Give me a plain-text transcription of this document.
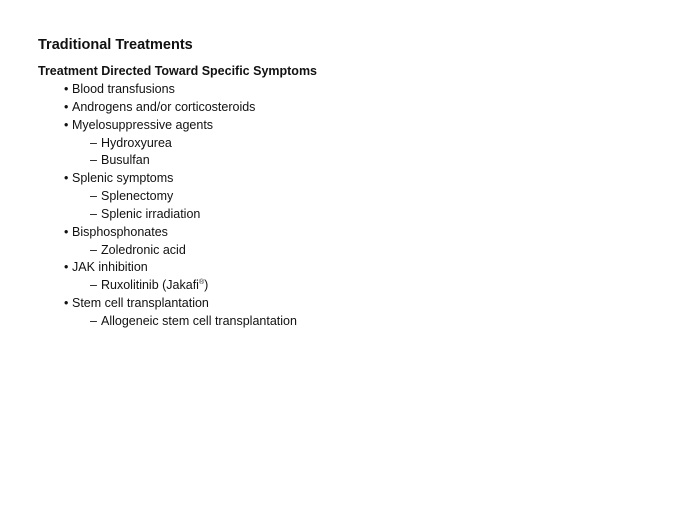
Traditional Treatments
Treatment Directed Toward Specific Symptoms
• Blood transfusions
• Androgens and/or corticosteroids
• Myelosuppressive agents
– Hydroxyurea
– Busulfan
• Splenic symptoms
– Splenectomy
– Splenic irradiation
• Bisphosphonates
– Zoledronic acid
• JAK inhibition
– Ruxolitinib (Jakafi®)
• Stem cell transplantation
– Allogeneic stem cell transplantation
